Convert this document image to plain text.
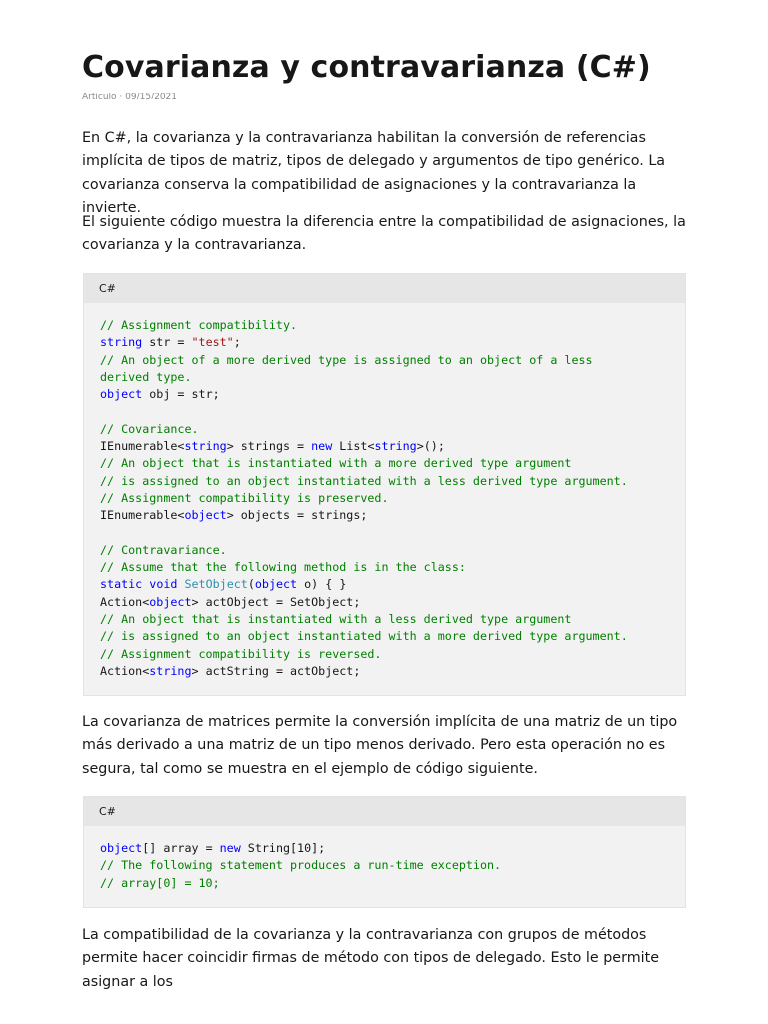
Covarianza y contravarianza (C#)
Artículo · 09/15/2021

En C#, la covarianza y la contravarianza habilitan la conversión de referencias implícita de tipos de matriz, tipos de delegado y argumentos de tipo genérico. La covarianza conserva la compatibilidad de asignaciones y la contravarianza la invierte.

El siguiente código muestra la diferencia entre la compatibilidad de asignaciones, la covarianza y la contravarianza.

C#
// Assignment compatibility.
string str = "test";
// An object of a more derived type is assigned to an object of a less
derived type.
object obj = str;

// Covariance.
IEnumerable<string> strings = new List<string>();
// An object that is instantiated with a more derived type argument
// is assigned to an object instantiated with a less derived type argument.
// Assignment compatibility is preserved.
IEnumerable<object> objects = strings;

// Contravariance.
// Assume that the following method is in the class:
static void SetObject(object o) { }
Action<object> actObject = SetObject;
// An object that is instantiated with a less derived type argument
// is assigned to an object instantiated with a more derived type argument.
// Assignment compatibility is reversed.
Action<string> actString = actObject;

La covarianza de matrices permite la conversión implícita de una matriz de un tipo más derivado a una matriz de un tipo menos derivado. Pero esta operación no es segura, tal como se muestra en el ejemplo de código siguiente.

C#
object[] array = new String[10];
// The following statement produces a run-time exception.
// array[0] = 10;

La compatibilidad de la covarianza y la contravarianza con grupos de métodos permite hacer coincidir firmas de método con tipos de delegado. Esto le permite asignar a los
